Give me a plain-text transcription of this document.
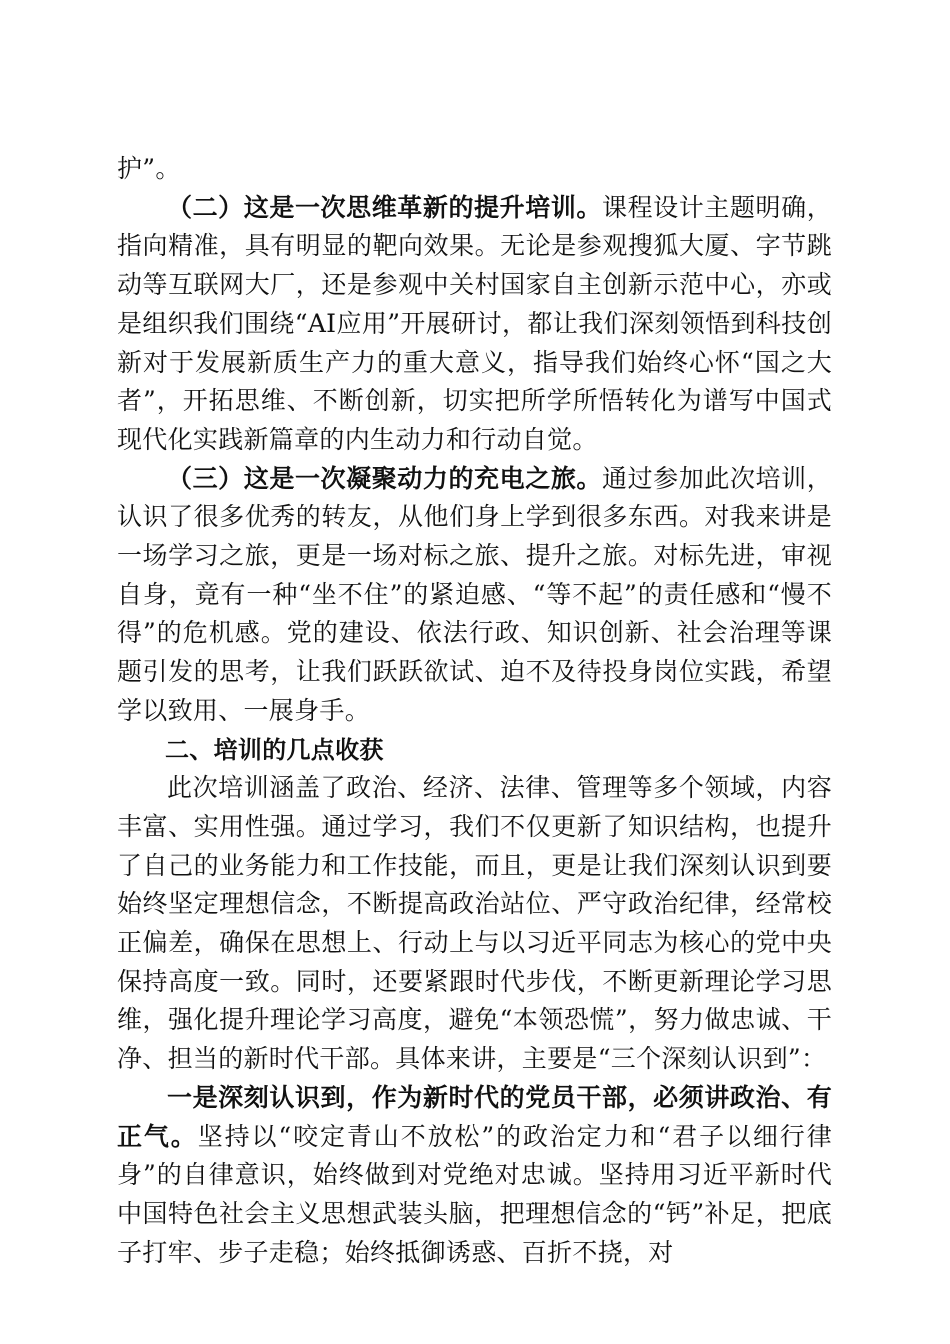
护”。

（二）这是一次思维革新的提升培训。课程设计主题明确，指向精准，具有明显的靶向效果。无论是参观搜狐大厦、字节跳动等互联网大厂，还是参观中关村国家自主创新示范中心，亦或是组织我们围绕“AI应用”开展研讨，都让我们深刻领悟到科技创新对于发展新质生产力的重大意义，指导我们始终心怀“国之大者”，开拓思维、不断创新，切实把所学所悟转化为谱写中国式现代化实践新篇章的内生动力和行动自觉。

（三）这是一次凝聚动力的充电之旅。通过参加此次培训，认识了很多优秀的转友，从他们身上学到很多东西。对我来讲是一场学习之旅，更是一场对标之旅、提升之旅。对标先进，审视自身，竟有一种“坐不住”的紧迫感、“等不起”的责任感和“慢不得”的危机感。党的建设、依法行政、知识创新、社会治理等课题引发的思考，让我们跃跃欲试、迫不及待投身岗位实践，希望学以致用、一展身手。

二、培训的几点收获

此次培训涵盖了政治、经济、法律、管理等多个领域，内容丰富、实用性强。通过学习，我们不仅更新了知识结构，也提升了自己的业务能力和工作技能，而且，更是让我们深刻认识到要始终坚定理想信念，不断提高政治站位、严守政治纪律，经常校正偏差，确保在思想上、行动上与以习近平同志为核心的党中央保持高度一致。同时，还要紧跟时代步伐，不断更新理论学习思维，强化提升理论学习高度，避免“本领恐慌”，努力做忠诚、干净、担当的新时代干部。具体来讲，主要是“三个深刻认识到”：

一是深刻认识到，作为新时代的党员干部，必须讲政治、有正气。坚持以“咬定青山不放松”的政治定力和“君子以细行律身”的自律意识，始终做到对党绝对忠诚。坚持用习近平新时代中国特色社会主义思想武装头脑，把理想信念的“钙”补足，把底子打牢、步子走稳；始终抵御诱惑、百折不挠，对
